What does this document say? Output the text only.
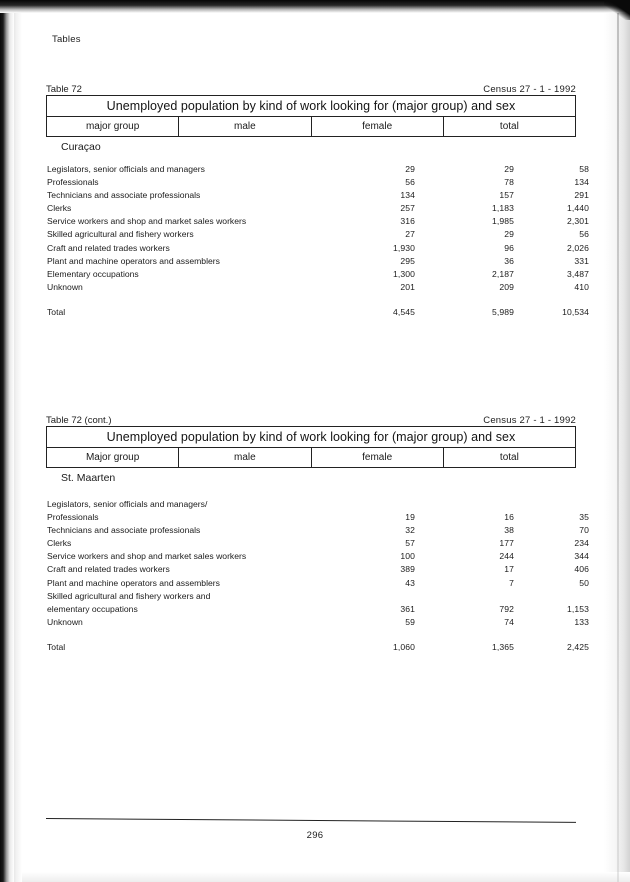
Tables
Table 72	Census 27 - 1 - 1992
Unemployed population by kind of work looking for (major group) and sex
major group	male	female	total
Curaçao
Legislators, senior officials and managers	29	29	58
Professionals	56	78	134
Technicians and associate professionals	134	157	291
Clerks	257	1,183	1,440
Service workers and shop and market sales workers	316	1,985	2,301
Skilled agricultural and fishery workers	27	29	56
Craft and related trades workers	1,930	96	2,026
Plant and machine operators and assemblers	295	36	331
Elementary occupations	1,300	2,187	3,487
Unknown	201	209	410

Total	4,545	5,989	10,534
Table 72 (cont.)	Census 27 - 1 - 1992
Unemployed population by kind of work looking for (major group) and sex
Major group	male	female	total
St. Maarten
Legislators, senior officials and managers/			
Professionals	19	16	35
Technicians and associate professionals	32	38	70
Clerks	57	177	234
Service workers and shop and market sales workers	100	244	344
Craft and related trades workers	389	17	406
Plant and machine operators and assemblers	43	7	50
Skilled agricultural and fishery workers and			
elementary occupations	361	792	1,153
Unknown	59	74	133

Total	1,060	1,365	2,425
296
